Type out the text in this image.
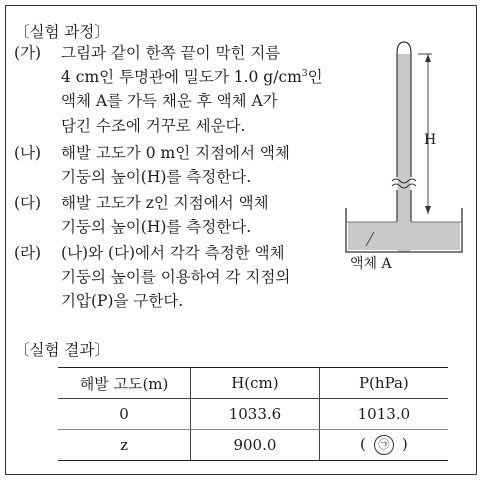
〔실험 과정〕
(가)	그림과 같이 한쪽 끝이 막힌 지름
4 cm인 투명관에 밀도가 1.0 $g/cm^3$인
액체 A를 가득 채운 후 액체 A가
담긴 수조에 거꾸로 세운다.
(나)	해발 고도가 0 m인 지점에서 액체
기둥의 높이(H)를 측정한다.
(다)	해발 고도가 z인 지점에서 액체
기둥의 높이(H)를 측정한다.
(라)	(나)와 (다)에서 각각 측정한 액체
기둥의 높이를 이용하여 각 지점의
기압(P)을 구한다.
H
액체 A
〔실험 결과〕
해발 고도(m)	H(cm)	P(hPa)
0	1033.6	1013.0
z	900.0	( ㉠ )
